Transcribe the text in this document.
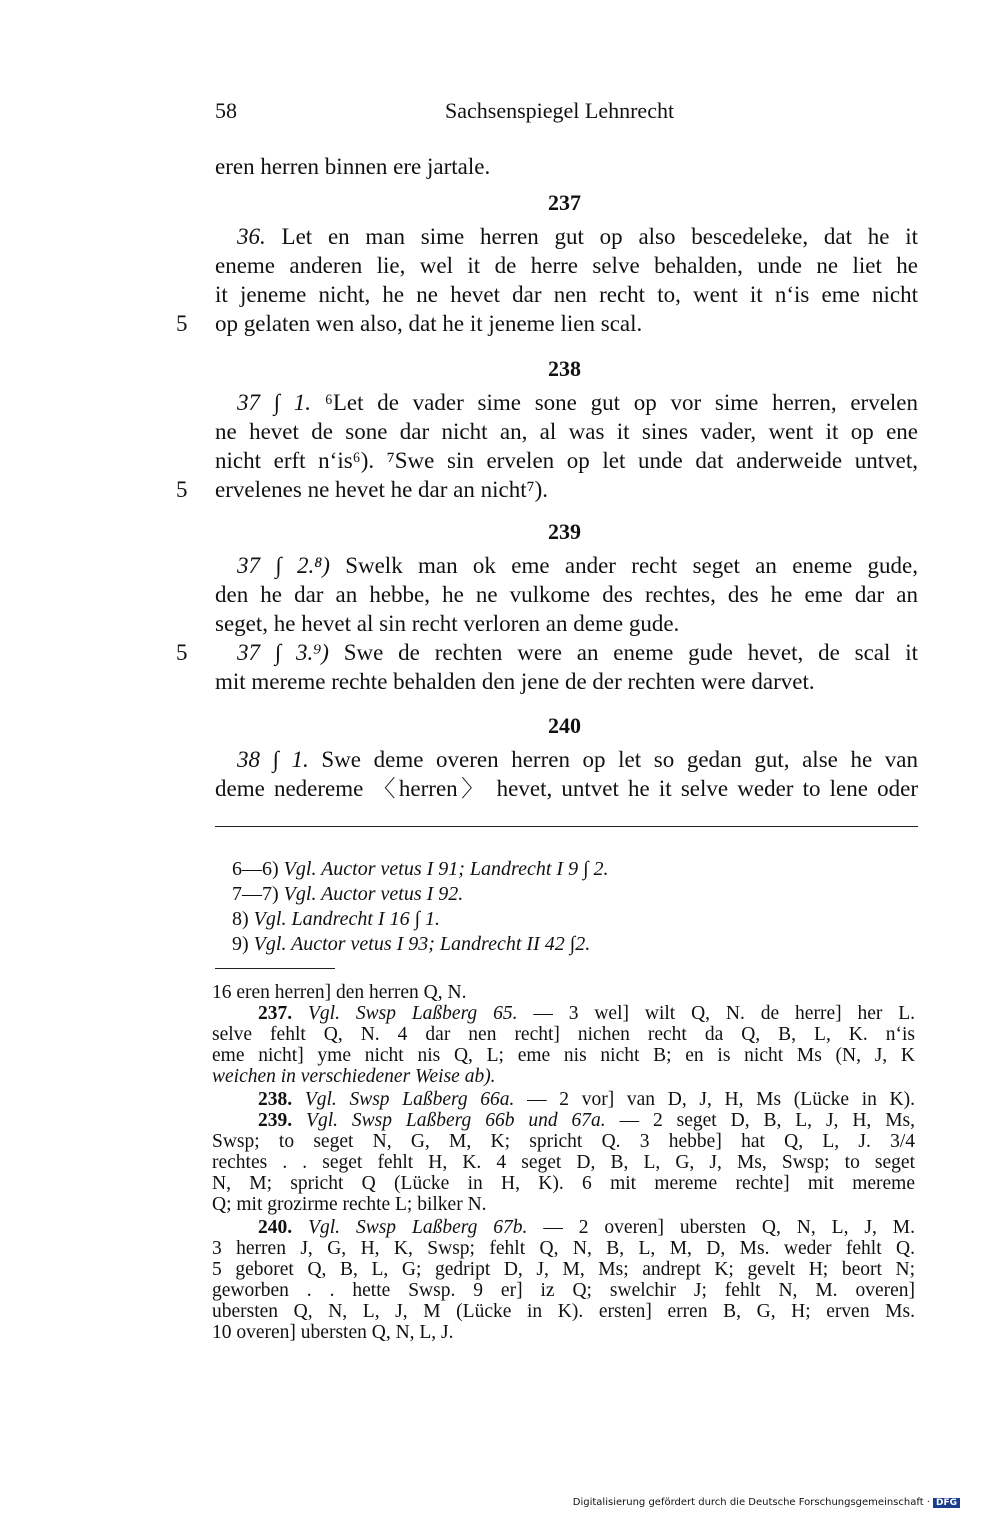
58	Sachsenspiegel Lehnrecht
eren herren binnen ere jartale.
237
36. Let en man sime herren gut op also bescedeleke, dat he it
eneme anderen lie, wel it de herre selve behalden, unde ne liet he
it jeneme nicht, he ne hevet dar nen recht to, went it n‘is eme nicht
5 op gelaten wen also, dat he it jeneme lien scal.
238
37 ∫ 1. ⁶Let de vader sime sone gut op vor sime herren, ervelen
ne hevet de sone dar nicht an, al was it sines vader, went it op ene
nicht erft n‘is⁶). ⁷Swe sin ervelen op let unde dat anderweide untvet,
5 ervelenes ne hevet he dar an nicht⁷).
239
37 ∫ 2.⁸) Swelk man ok eme ander recht seget an eneme gude,
den he dar an hebbe, he ne vulkome des rechtes, des he eme dar an
seget, he hevet al sin recht verloren an deme gude.
5	37 ∫ 3.⁹) Swe de rechten were an eneme gude hevet, de scal it
mit mereme rechte behalden den jene de der rechten were darvet.
240
38 ∫ 1. Swe deme overen herren op let so gedan gut, alse he van
deme nedereme 〈herren〉 hevet, untvet he it selve weder to lene oder
6—6) Vgl. Auctor vetus I 91; Landrecht I 9 ∫ 2.
7—7) Vgl. Auctor vetus I 92.
8) Vgl. Landrecht I 16 ∫ 1.
9) Vgl. Auctor vetus I 93; Landrecht II 42 ∫2.
16 eren herren] den herren Q, N.
237. Vgl. Swsp Laßberg 65. — 3 wel] wilt Q, N. de herre] her L.
selve fehlt Q, N. 4 dar nen recht] nichen recht da Q, B, L, K. n‘is
eme nicht] yme nicht nis Q, L; eme nis nicht B; en is nicht Ms (N, J, K
weichen in verschiedener Weise ab).
238. Vgl. Swsp Laßberg 66a. — 2 vor] van D, J, H, Ms (Lücke in K).
239. Vgl. Swsp Laßberg 66b und 67a. — 2 seget D, B, L, J, H, Ms,
Swsp; to seget N, G, M, K; spricht Q. 3 hebbe] hat Q, L, J. 3/4
rechtes . . seget fehlt H, K. 4 seget D, B, L, G, J, Ms, Swsp; to seget
N, M; spricht Q (Lücke in H, K). 6 mit mereme rechte] mit mereme
Q; mit grozirme rechte L; bilker N.
240. Vgl. Swsp Laßberg 67b. — 2 overen] ubersten Q, N, L, J, M.
3 herren J, G, H, K, Swsp; fehlt Q, N, B, L, M, D, Ms. weder fehlt Q.
5 geboret Q, B, L, G; gedript D, J, M, Ms; andrept K; gevelt H; beort N;
geworben . . hette Swsp. 9 er] iz Q; swelchir J; fehlt N, M. overen]
ubersten Q, N, L, J, M (Lücke in K). ersten] erren B, G, H; erven Ms.
10 overen] ubersten Q, N, L, J.
Digitalisierung gefördert durch die Deutsche Forschungsgemeinschaft · DFG
